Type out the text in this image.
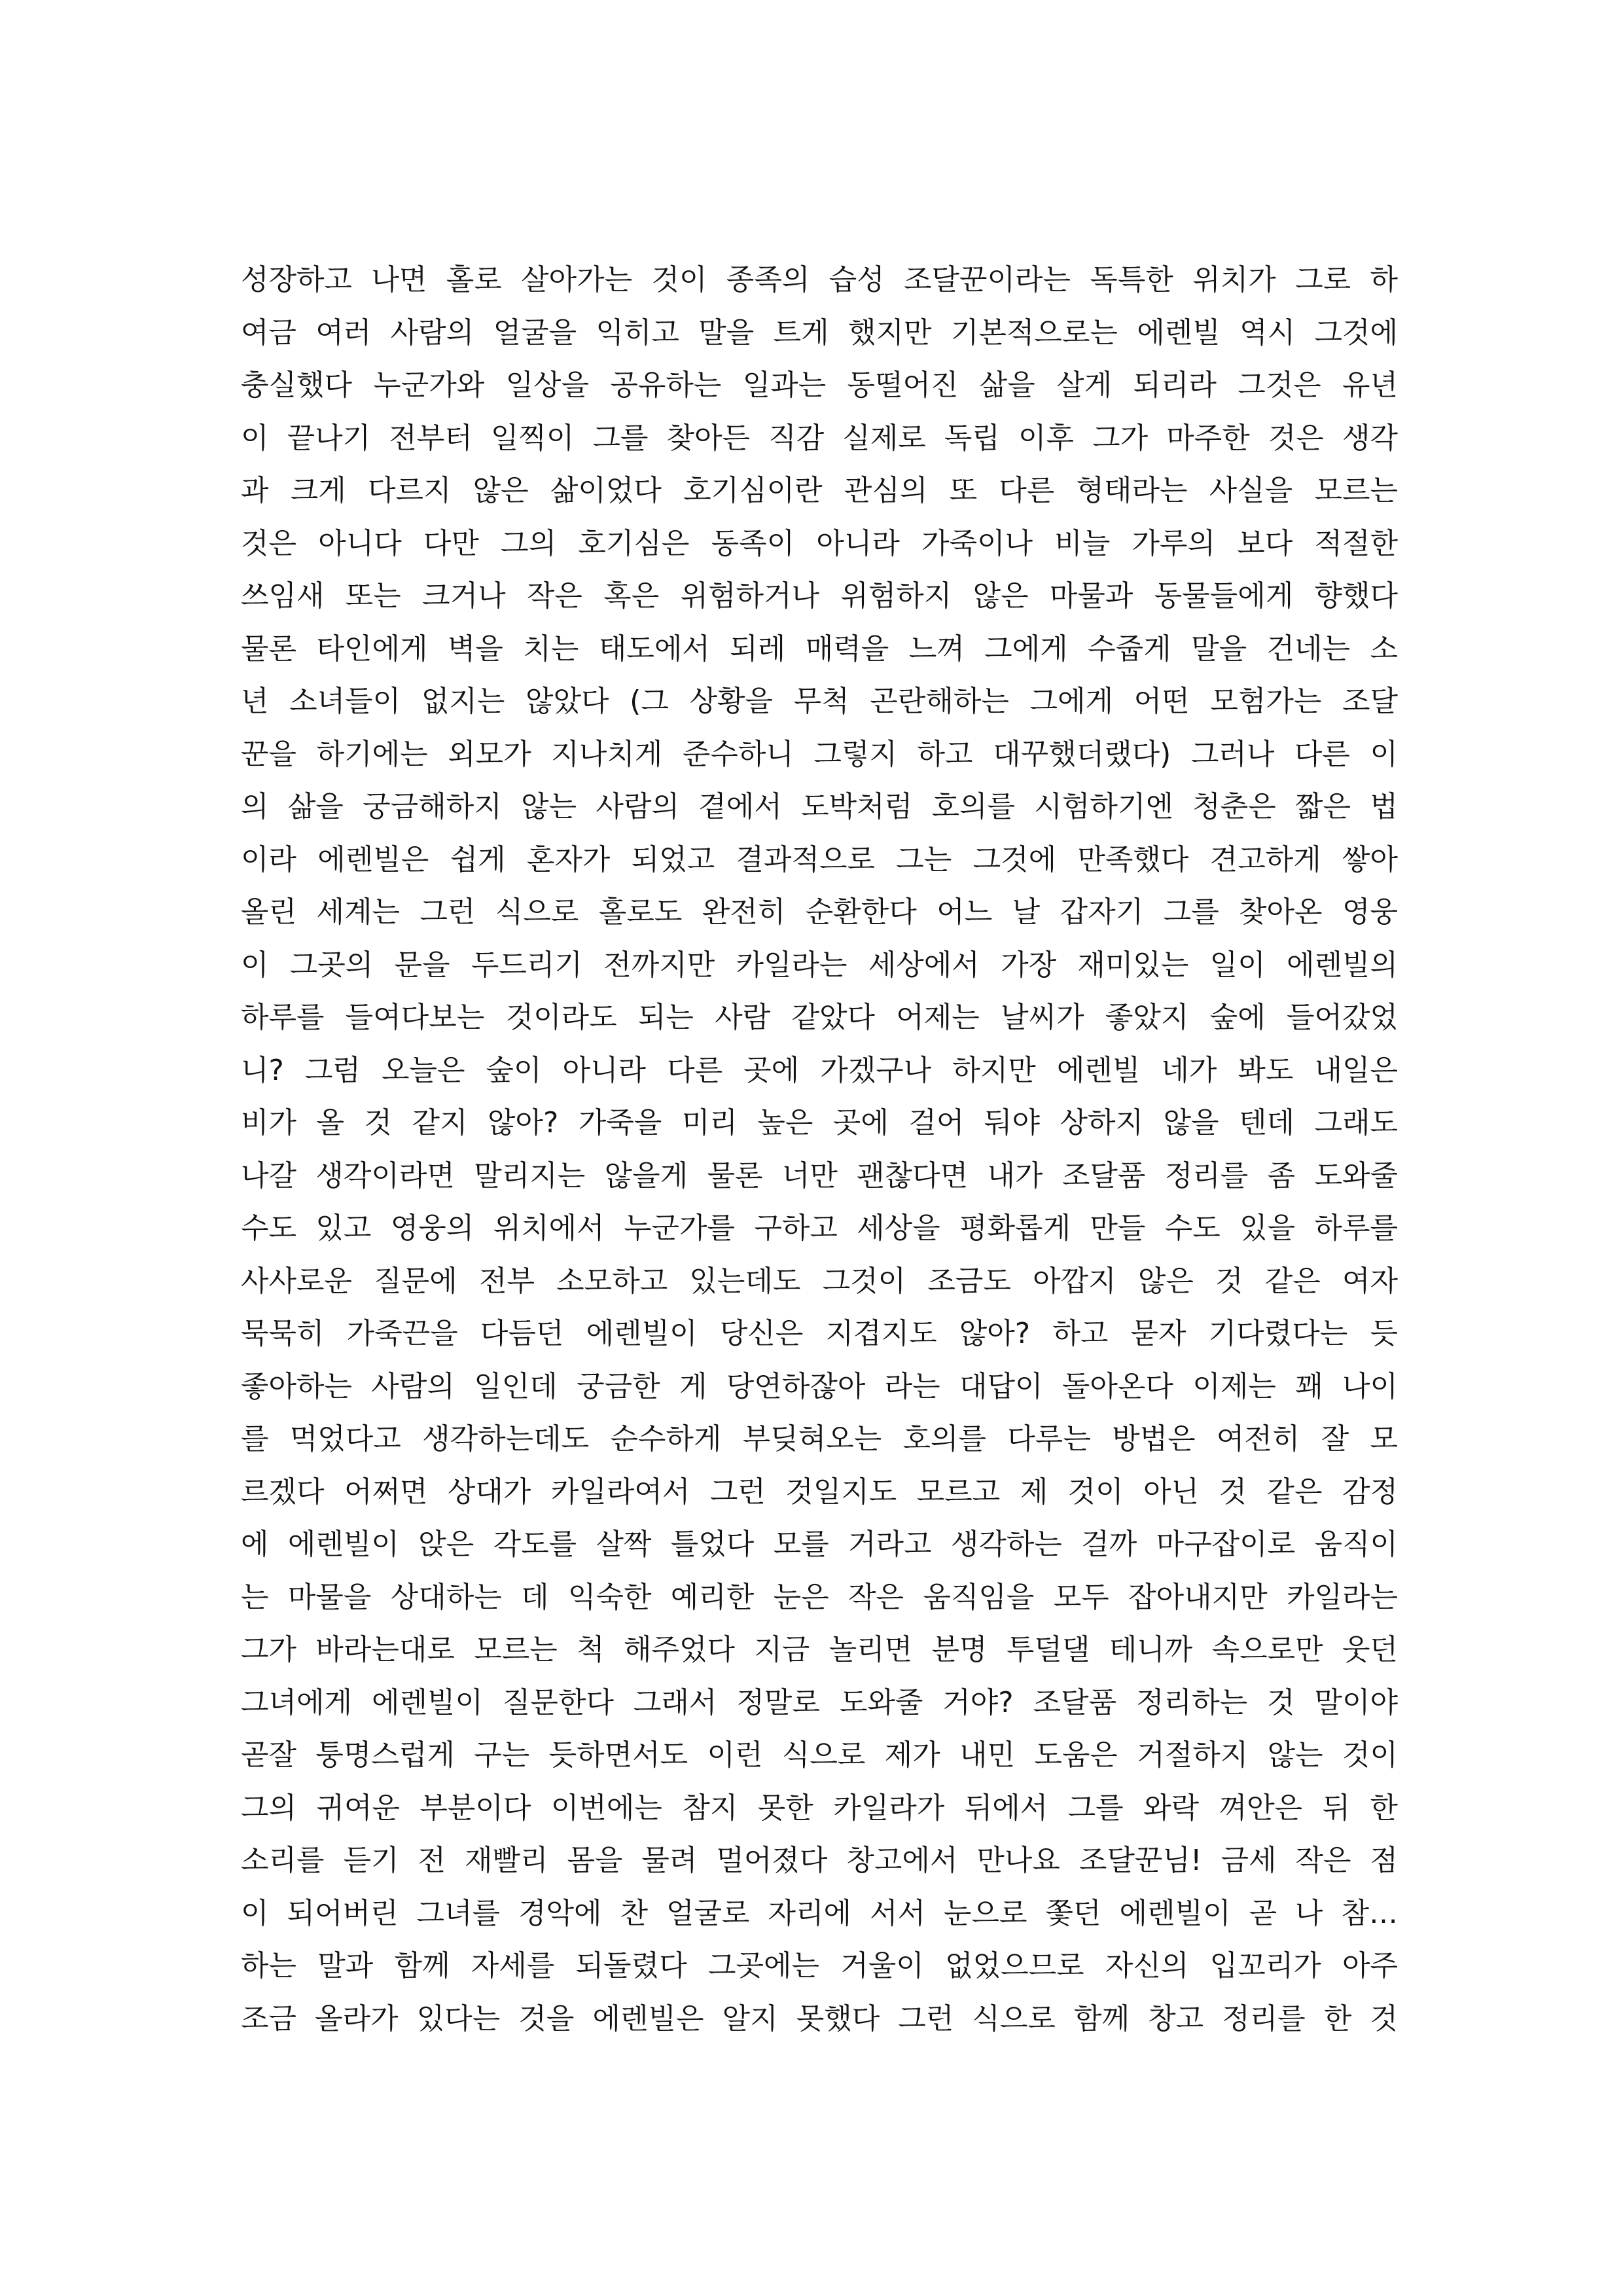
성장하고 나면 홀로 살아가는 것이 종족의 습성 조달꾼이라는 독특한 위치가 그로 하
여금 여러 사람의 얼굴을 익히고 말을 트게 했지만 기본적으로는 에렌빌 역시 그것에
충실했다 누군가와 일상을 공유하는 일과는 동떨어진 삶을 살게 되리라 그것은 유년
이 끝나기 전부터 일찍이 그를 찾아든 직감 실제로 독립 이후 그가 마주한 것은 생각
과 크게 다르지 않은 삶이었다 호기심이란 관심의 또 다른 형태라는 사실을 모르는
것은 아니다 다만 그의 호기심은 동족이 아니라 가죽이나 비늘 가루의 보다 적절한
쓰임새 또는 크거나 작은 혹은 위험하거나 위험하지 않은 마물과 동물들에게 향했다
물론 타인에게 벽을 치는 태도에서 되레 매력을 느껴 그에게 수줍게 말을 건네는 소
년 소녀들이 없지는 않았다 (그 상황을 무척 곤란해하는 그에게 어떤 모험가는 조달
꾼을 하기에는 외모가 지나치게 준수하니 그렇지 하고 대꾸했더랬다) 그러나 다른 이
의 삶을 궁금해하지 않는 사람의 곁에서 도박처럼 호의를 시험하기엔 청춘은 짧은 법
이라 에렌빌은 쉽게 혼자가 되었고 결과적으로 그는 그것에 만족했다 견고하게 쌓아
올린 세계는 그런 식으로 홀로도 완전히 순환한다 어느 날 갑자기 그를 찾아온 영웅
이 그곳의 문을 두드리기 전까지만 카일라는 세상에서 가장 재미있는 일이 에렌빌의
하루를 들여다보는 것이라도 되는 사람 같았다 어제는 날씨가 좋았지 숲에 들어갔었
니? 그럼 오늘은 숲이 아니라 다른 곳에 가겠구나 하지만 에렌빌 네가 봐도 내일은
비가 올 것 같지 않아? 가죽을 미리 높은 곳에 걸어 둬야 상하지 않을 텐데 그래도
나갈 생각이라면 말리지는 않을게 물론 너만 괜찮다면 내가 조달품 정리를 좀 도와줄
수도 있고 영웅의 위치에서 누군가를 구하고 세상을 평화롭게 만들 수도 있을 하루를
사사로운 질문에 전부 소모하고 있는데도 그것이 조금도 아깝지 않은 것 같은 여자
묵묵히 가죽끈을 다듬던 에렌빌이 당신은 지겹지도 않아? 하고 묻자 기다렸다는 듯
좋아하는 사람의 일인데 궁금한 게 당연하잖아 라는 대답이 돌아온다 이제는 꽤 나이
를 먹었다고 생각하는데도 순수하게 부딪혀오는 호의를 다루는 방법은 여전히 잘 모
르겠다 어쩌면 상대가 카일라여서 그런 것일지도 모르고 제 것이 아닌 것 같은 감정
에 에렌빌이 앉은 각도를 살짝 틀었다 모를 거라고 생각하는 걸까 마구잡이로 움직이
는 마물을 상대하는 데 익숙한 예리한 눈은 작은 움직임을 모두 잡아내지만 카일라는
그가 바라는대로 모르는 척 해주었다 지금 놀리면 분명 투덜댈 테니까 속으로만 웃던
그녀에게 에렌빌이 질문한다 그래서 정말로 도와줄 거야? 조달품 정리하는 것 말이야
곧잘 퉁명스럽게 구는 듯하면서도 이런 식으로 제가 내민 도움은 거절하지 않는 것이
그의 귀여운 부분이다 이번에는 참지 못한 카일라가 뒤에서 그를 와락 껴안은 뒤 한
소리를 듣기 전 재빨리 몸을 물려 멀어졌다 창고에서 만나요 조달꾼님! 금세 작은 점
이 되어버린 그녀를 경악에 찬 얼굴로 자리에 서서 눈으로 쫓던 에렌빌이 곧 나 참…
하는 말과 함께 자세를 되돌렸다 그곳에는 거울이 없었으므로 자신의 입꼬리가 아주
조금 올라가 있다는 것을 에렌빌은 알지 못했다 그런 식으로 함께 창고 정리를 한 것
